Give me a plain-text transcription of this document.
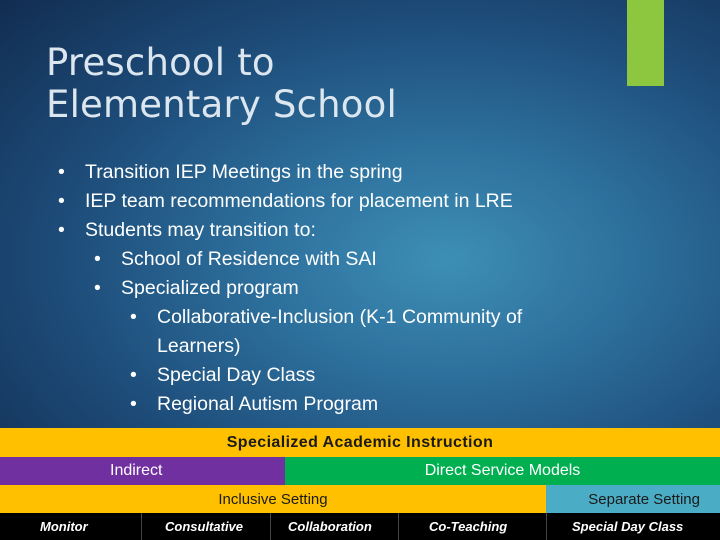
Preschool to
Elementary School
• Transition IEP Meetings in the spring
• IEP team recommendations for placement in LRE
• Students may transition to:
• School of Residence with SAI
• Specialized program
• Collaborative-Inclusion (K-1 Community of
Learners)
• Special Day Class
• Regional Autism Program
Specialized Academic Instruction
Indirect	Direct Service Models
Inclusive Setting	Separate Setting
Monitor	Consultative	Collaboration	Co-Teaching	Special Day Class
